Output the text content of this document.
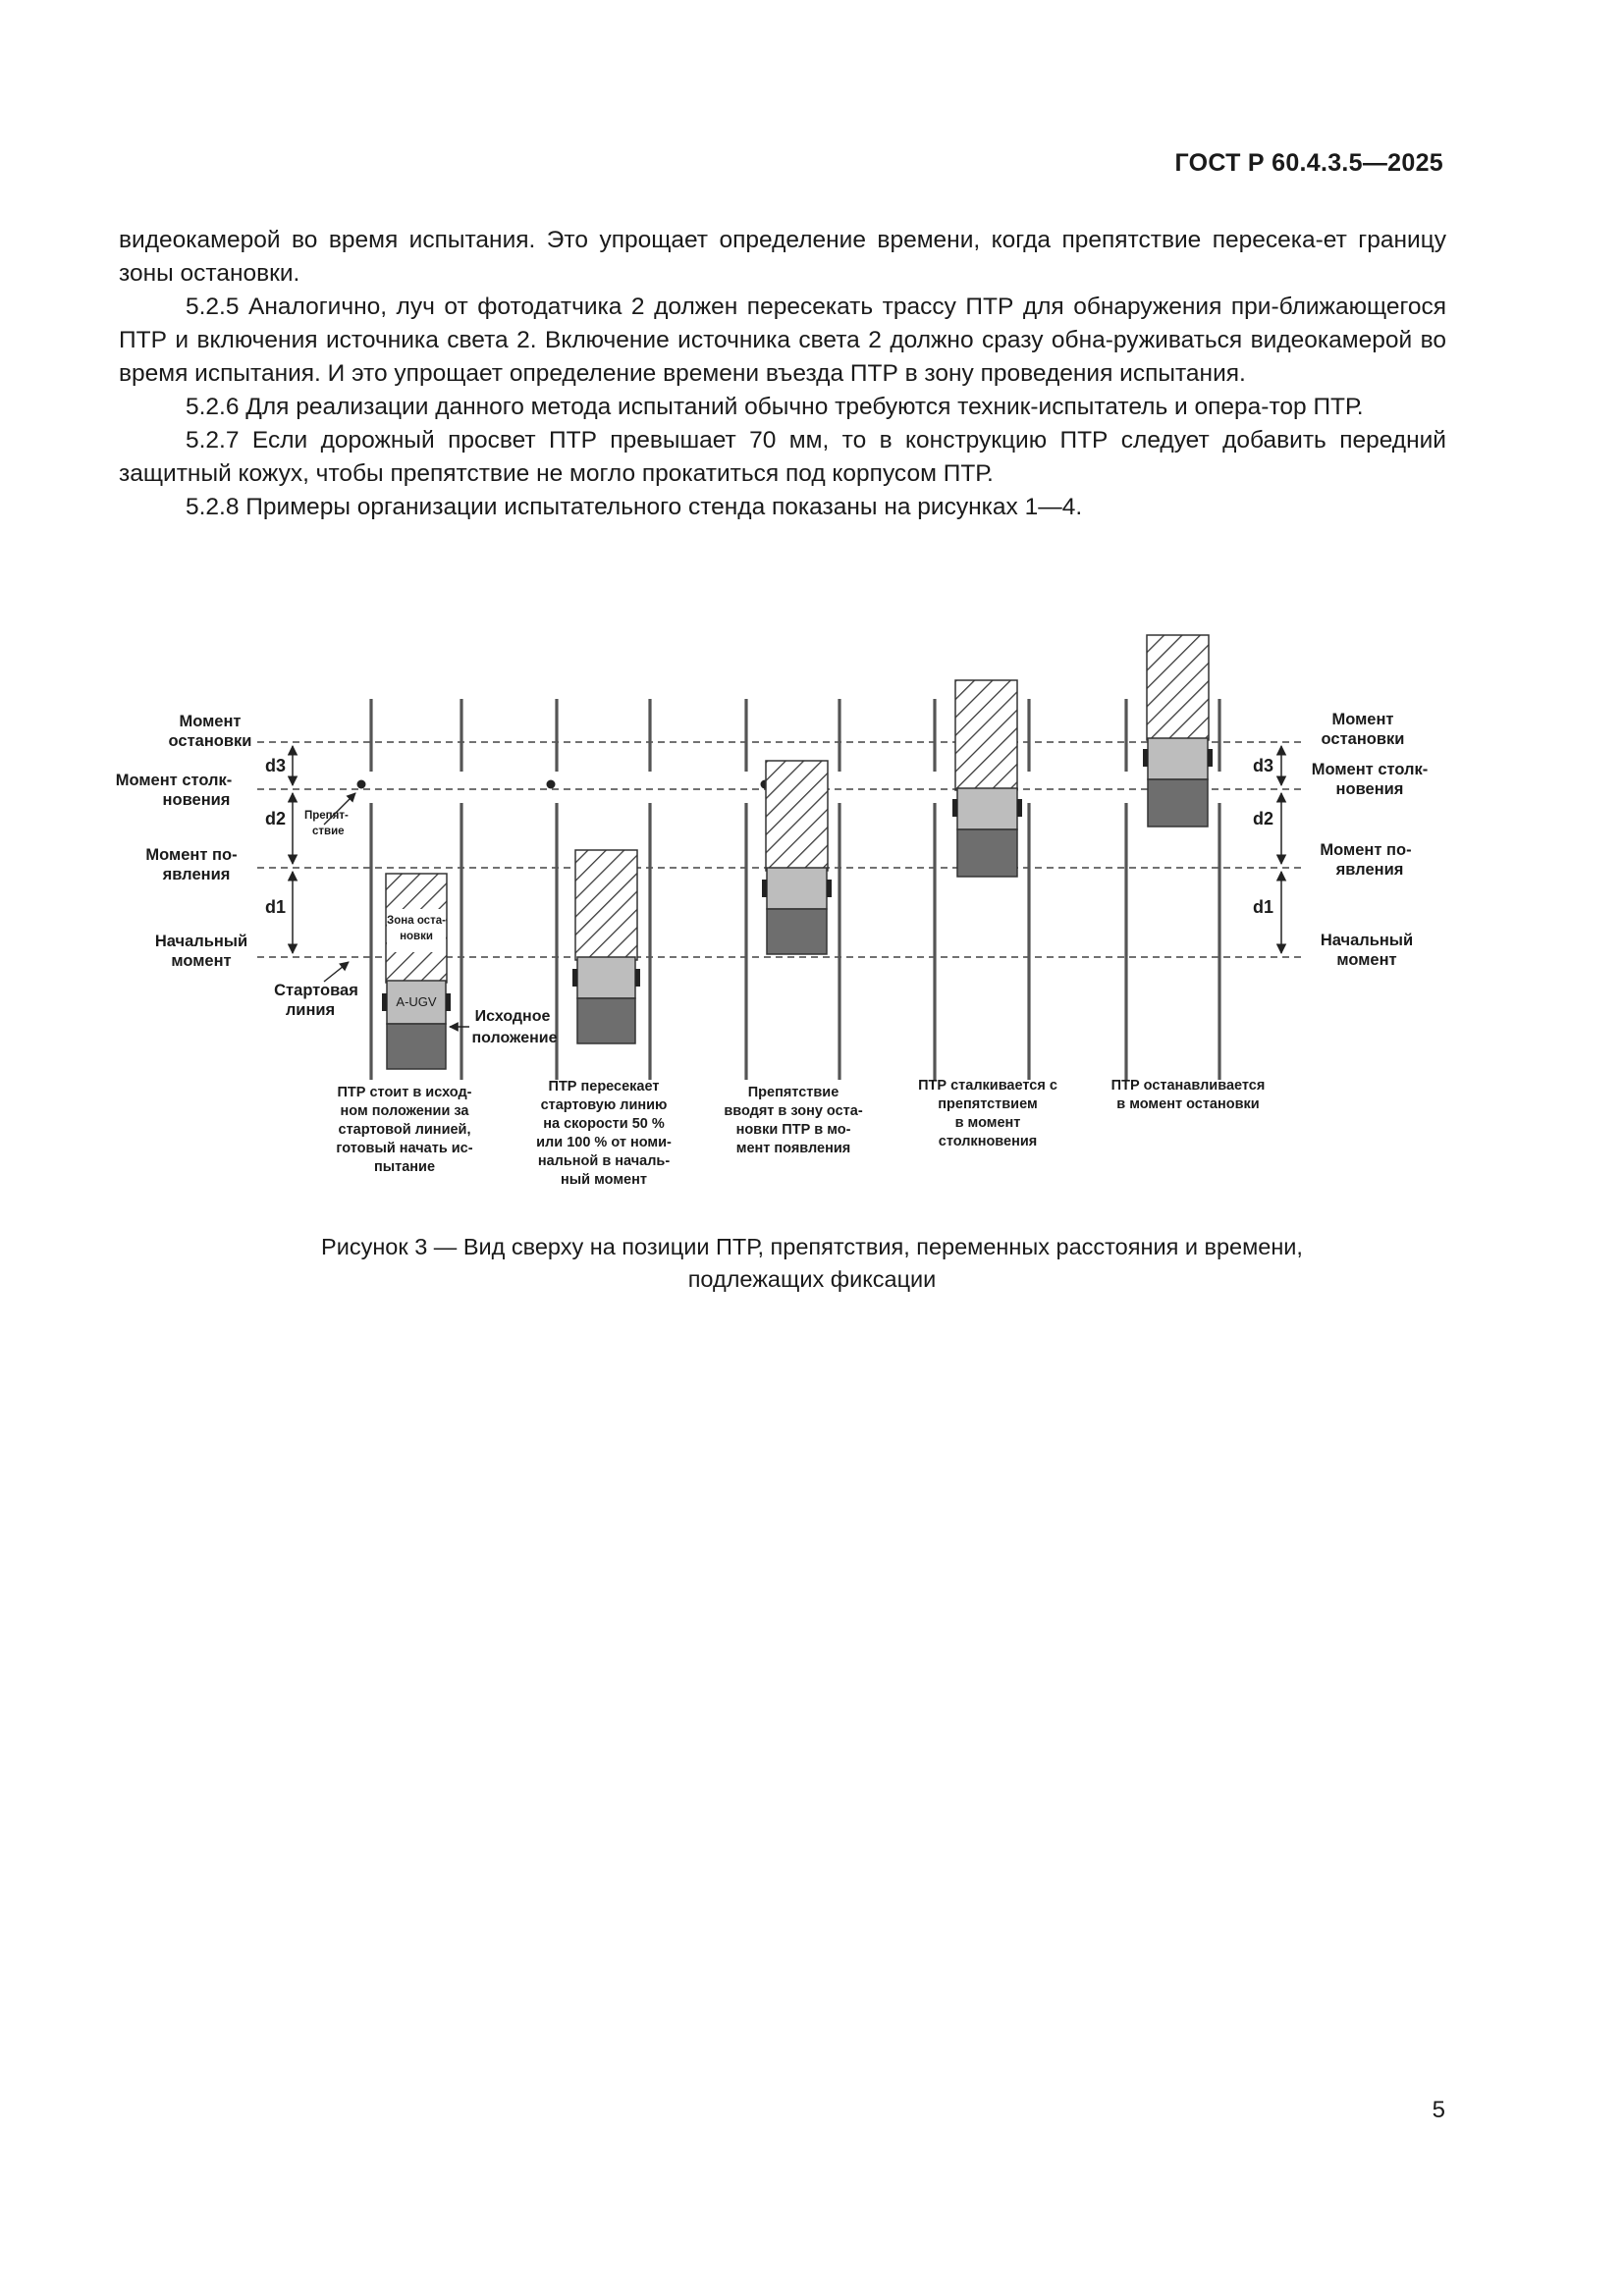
ГОСТ Р 60.4.3.5—2025

видеокамерой во время испытания. Это упрощает определение времени, когда препятствие пересека-ет границу зоны остановки.

5.2.5 Аналогично, луч от фотодатчика 2 должен пересекать трассу ПТР для обнаружения при-ближающегося ПТР и включения источника света 2. Включение источника света 2 должно сразу обна-руживаться видеокамерой во время испытания. И это упрощает определение времени въезда ПТР в зону проведения испытания.

5.2.6 Для реализации данного метода испытаний обычно требуются техник-испытатель и опера-тор ПТР.

5.2.7 Если дорожный просвет ПТР превышает 70 мм, то в конструкцию ПТР следует добавить передний защитный кожух, чтобы препятствие не могло прокатиться под корпусом ПТР.

5.2.8 Примеры организации испытательного стенда показаны на рисунках 1—4.

d3
d2
d1
d3
d2
d1
Момент
остановки
Момент столк-
новения
Момент по-
явления
Начальный
момент
Момент
остановки
Момент столк-
новения
Момент по-
явления
Начальный
момент
Препят-
ствие
Зона оста-
новки
A-UGV
Стартовая
линия	Исходное
положение
ПТР стоит в исход-
ном положении за
стартовой линией,
готовый начать ис-
пытание
ПТР пересекает
стартовую линию
на скорости 50 %
или 100 % от номи-
нальной в началь-
ный момент
Препятствие
вводят в зону оста-
новки ПТР в мо-
мент появления
ПТР сталкивается с
препятствием
в момент
столкновения
ПТР останавливается
в момент остановки
Рисунок 3 — Вид сверху на позиции ПТР, препятствия, переменных расстояния и времени,
подлежащих фиксации
5
